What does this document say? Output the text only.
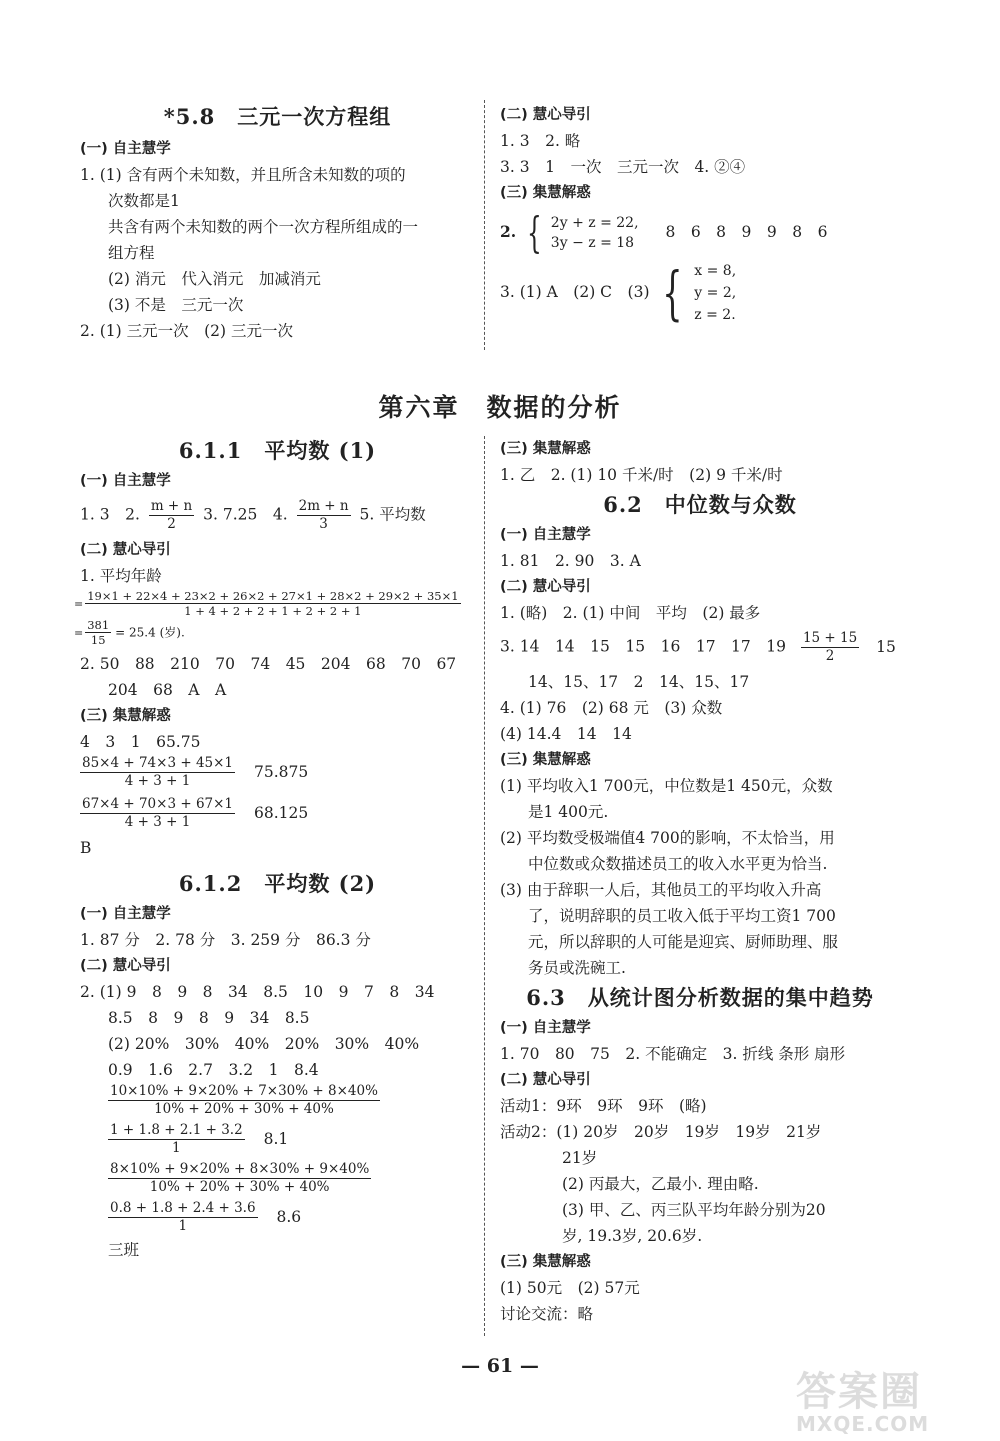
*5.8　三元一次方程组
(一) 自主慧学
1. (1) 含有两个未知数，并且所含未知数的项的
次数都是1
共含有两个未知数的两个一次方程所组成的一
组方程
(2) 消元　代入消元　加减消元
(3) 不是　三元一次
2. (1) 三元一次　(2) 三元一次
(二) 慧心导引
1. 3　2. 略
3. 3　1　一次　三元一次　4. ②④
(三) 集慧解惑
2. { 2y + z = 22,
3y − z = 18
8　6　8　9　9　8　6
3. (1) A　(2) C　(3) { x = 8,
y = 2,
z = 2.
第六章　数据的分析
6.1.1　平均数 (1)
(一) 自主慧学
1. 3　2. $\frac{m + n}{2} 3$. 7.25　4. $\frac{2m + n}{3} 5$. 平均数
(二) 慧心导引
1. 平均年龄
= $\frac{19\times 1 + 22\times 4 + 23\times 2 + 26\times 2 + 27\times 1 + 28\times 2 + 29\times 2 + 35\times 1}{1 + 4 + 2 + 2 + 1 + 2 + 2 + 1}$
= $\frac{381}{15} = 25.4$ (岁).
2. 50　88　210　70　74　45　204　68　70　67
204　68　A　A
(三) 集慧解惑
4　3　1　65.75
$\frac{85\times 4 + 74\times 3 + 45\times 1}{4 + 3 + 1} 75.875$
$\frac{67\times 4 + 70\times 3 + 67\times 1}{4 + 3 + 1} 68.125$
B
6.1.2　平均数 (2)
(一) 自主慧学
1. 87 分　2. 78 分　3. 259 分　86.3 分
(二) 慧心导引
2. (1) 9　8　9　8　34　8.5　10　9　7　8　34
8.5　8　9　8　9　34　8.5
(2) 20%　30%　40%　20%　30%　40%
0.9　1.6　2.7　3.2　1　8.4
$\frac{10\times 10\% + 9\times 20\% + 7\times 30\% + 8\times 40\%}{10\% + 20\% + 30\% + 40\%}$
$\frac{1 + 1.8 + 2.1 + 3.2}{1} 8.1$
$\frac{8\times 10\% + 9\times 20\% + 8\times 30\% + 9\times 40\%}{10\% + 20\% + 30\% + 40\%}$
$\frac{0.8 + 1.8 + 2.4 + 3.6}{1} 8.6$
三班
(三) 集慧解惑
1. 乙　2. (1) 10 千米/时　(2) 9 千米/时
6.2　中位数与众数
(一) 自主慧学
1. 81　2. 90　3. A
(二) 慧心导引
1. (略)　2. (1) 中间　平均　(2) 最多
3. 14　14　15　15　16　17　17　$19 \frac{15 + 15}{2} 15$
14、15、17　2　14、15、17
4. (1) 76　(2) 68 元　(3) 众数
(4) 14.4　14　14
(三) 集慧解惑
(1) 平均收入1 700元，中位数是1 450元，众数
是1 400元.
(2) 平均数受极端值4 700的影响，不太恰当，用
中位数或众数描述员工的收入水平更为恰当.
(3) 由于辞职一人后，其他员工的平均收入升高
了，说明辞职的员工收入低于平均工资1 700
元，所以辞职的人可能是迎宾、厨师助理、服
务员或洗碗工.
6.3　从统计图分析数据的集中趋势
(一) 自主慧学
1. 70　80　75　2. 不能确定　3. 折线 条形 扇形
(二) 慧心导引
活动1：9环　9环　9环　(略)
活动2：(1) 20岁　20岁　19岁　19岁　21岁
21岁
(2) 丙最大，乙最小. 理由略.
(3) 甲、乙、丙三队平均年龄分别为20
岁, 19.3岁, 20.6岁.
(三) 集慧解惑
(1) 50元　(2) 57元
讨论交流：略
— 61 —
答案圈
MXQE.COM
